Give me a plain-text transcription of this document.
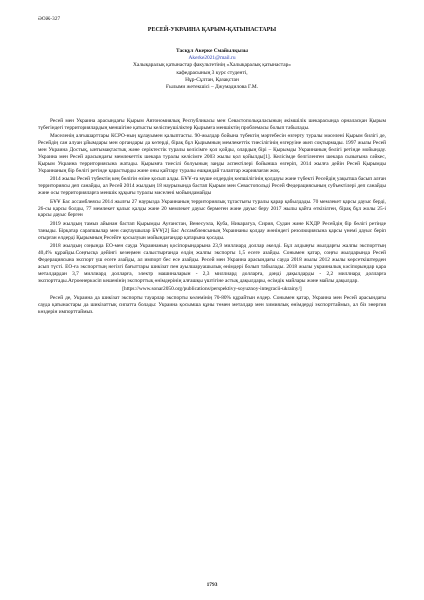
ӘОЖ-327
РЕСЕЙ-УКРАИНА ҚАРЫМ-ҚАТЫНАСТАРЫ
Тасқұл Акерке Смайылқызы
Akerke2021@mail.ru
Халықаралық қатынастар факультетінің «Халықаралық қатынастар»
кафедрасының 3 курс студенті,
Нұр-Сұлтан, Қазақстан
Ғылыми жетекшісі – Джумадилова Г.М.

Ресей мен Украина арасындағы Қырым Автономиялық Республикасы мен Севастопольқаласының әкімшілік шекарасында орналасқан Қырым түбегіндегі территориялардың меншігіне қатысты келіспеушіліктер Қырымға меншіктің проблемасы болып табылады.

Мәселенің алғышарттары КСРО-ның құлауымен қалыптасты. 90-жылдар бойына түбектің мәртебесін өзгерту туралы мәселені Қырым билігі де, Ресейдің сан алуан ұйымдары мен органдары да көтерді, бірақ бұл Қырымның мемлекеттік тиесілігінің өзгеруіне әкеп соқтырмады. 1997 жылы Ресей мен Украина Достық, ынтымақтастық және серіктестік туралы келісімге қол қойды, олардың бірі – Қырымды Украинаның бөлігі ретінде мойындау. Украина мен Ресей арасындағы мемлекеттік шекара туралы келісімге 2003 жылы қол қойылды[1]. Келісімде белгіленген шекара сызығына сәйкес, Қырым Украина территориясына жатады. Қырымға тиесілі болуының заңды аспектілері бойынша өзгеріп, 2014 жылға дейін Ресей Қырымды Украинаның бір бөлігі ретінде қарастырды және оны қайтару туралы ешқандай талаптар жариялаған жоқ.

2014 жылы Ресей түбектің кең бөлігін өзіне қосып алды. БҰҰ-ға мүше елдердің көпшілігінің қолдауы және түбекті Ресейдің уақытша басып алған территориясы деп санайды, ал Ресей 2014 жылдың 18 наурызында бастап Қырым мен Севастопольді Ресей Федерациясының субъектілері деп санайды және осы территорияларға меншік құқығы туралы мәселені мойындамайды

БҰҰ Бас ассамблеясы 2014 жылғы 27 наурызда Украинаның территориялық тұтастығы туралы қарар қабылдады. 70 мемлекет қарсы дауыс берді, 26-сы қарсы болды, 77 мемлекет қалыс қалды және 20 мемлекет дауыс бермеген және дауыс беру 2017 жылы қайта өткізілген, бірақ бұл жолы 25-і қарсы дауыс берген

2019 жылдың тамыз айынан бастап Қырымды Ауғанстан, Венесуэла, Куба, Никарагуа, Сирия, Судан және КХДР Ресейдің бір бөлігі ретінде таныды. Бірқатар сарапшылар мен сақтаушылар БҰҰ[2] Бас Ассамблеясының Украинаны қолдау жөніндегі резолюциясына қарсы үнемі дауыс беріп отырған елдерді Қырымның Ресейге қосылуын мойындағандар қатарына қосады.

2018 жылдың соңында ЕО-мен сауда Украинаның қосіпорындарына 23,9 миллиард доллар әкелді. Бұл алдыңғы жылдарғы жалпы экспорттың 40,4% құрайды.Соңғысқа дейінгі кезеңмен салыстырғанда елдің жалпы экспорты 1,5 есеге азайды. Сонымен қатар, соңғы жылдарында Ресей Федерациясына экспорт үш есеге азайды, ал импорт бес есе азайды. Ресей мен Украина арасындағы сауда 2018 жылы 2012 жылы көрсеткіштерден асып түсті. ЕО-ға экспорттың негізгі бағыттары шикізат пен ауылшаруашылық өнімдері болып табылады. 2018 жылы украиналық кәсіпорындар қара металдардан 3,7 миллиард долларға, электр машиналарын - 2,3 миллиард долларға, дәнді дақылдарды - 2,2 миллиард долларға экспорттады.Агроөнеркәсіп кешенінің экспорттық өнімдерінің алғашқы үштігіне астық дақылдары, өсімдік майлары және майлы дақылдар.

[https://www.sonar2050.org/publications/perspektivy-soyuznoy-integracii-ukrainy/]

Ресей де, Украина да шикізат экспорты тауарлар экспорты көлемінің 70-80% құрайтын елдер. Сонымен қатар, Украина мен Ресей арасындағы сауда қатынастары да шикізаттық сипатта болады: Украина қосымша құны төмен металдар мен химиялық өнімдерді экспорттаймыз, ал біз энергия көздерін импорттаймыз.

1793
